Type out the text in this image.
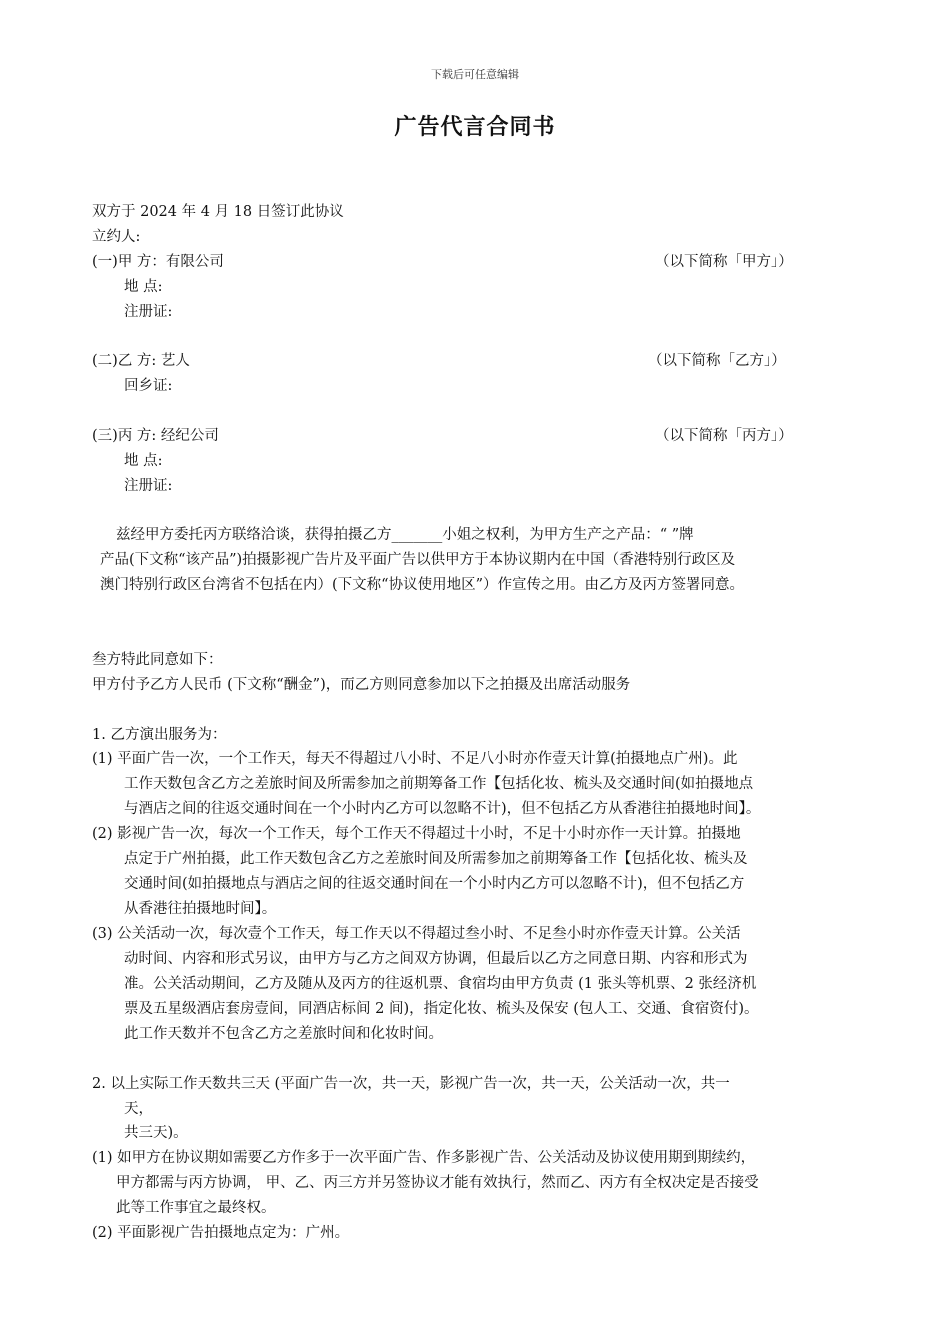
下载后可任意编辑
广告代言合同书
双方于 2024 年 4 月 18 日签订此协议
立约人:
(一)甲 方：有限公司	（以下简称「甲方」）
地 点:
注册证:
(二)乙 方: 艺人	（以下简称「乙方」）
回乡证:
(三)丙 方: 经纪公司	（以下简称「丙方」）
地 点:
注册证:
兹经甲方委托丙方联络洽谈，获得拍摄乙方_______小姐之权利，为甲方生产之产品：“ ”牌
产品(下文称“该产品”)拍摄影视广告片及平面广告以供甲方于本协议期内在中国（香港特别行政区及
澳门特别行政区台湾省不包括在内）(下文称“协议使用地区”）作宣传之用。由乙方及丙方签署同意。
叁方特此同意如下：
甲方付予乙方人民币 (下文称“酬金”)，而乙方则同意参加以下之拍摄及出席活动服务
1. 乙方演出服务为：
(1) 平面广告一次，一个工作天，每天不得超过八小时、不足八小时亦作壹天计算(拍摄地点广州)。此
工作天数包含乙方之差旅时间及所需参加之前期筹备工作【包括化妆、梳头及交通时间(如拍摄地点
与酒店之间的往返交通时间在一个小时内乙方可以忽略不计)，但不包括乙方从香港往拍摄地时间】。
(2) 影视广告一次，每次一个工作天，每个工作天不得超过十小时，不足十小时亦作一天计算。拍摄地
点定于广州拍摄，此工作天数包含乙方之差旅时间及所需参加之前期筹备工作【包括化妆、梳头及
交通时间(如拍摄地点与酒店之间的往返交通时间在一个小时内乙方可以忽略不计)，但不包括乙方
从香港往拍摄地时间】。
(3) 公关活动一次，每次壹个工作天，每工作天以不得超过叁小时、不足叁小时亦作壹天计算。公关活
动时间、内容和形式另议，由甲方与乙方之间双方协调，但最后以乙方之同意日期、内容和形式为
准。公关活动期间，乙方及随从及丙方的往返机票、食宿均由甲方负责 (1 张头等机票、2 张经济机
票及五星级酒店套房壹间，同酒店标间 2 间)，指定化妆、梳头及保安 (包人工、交通、食宿资付)。
此工作天数并不包含乙方之差旅时间和化妆时间。
2. 以上实际工作天数共三天 (平面广告一次，共一天，影视广告一次，共一天，公关活动一次，共一
天，
共三天)。
(1) 如甲方在协议期如需要乙方作多于一次平面广告、作多影视广告、公关活动及协议使用期到期续约，
甲方都需与丙方协调， 甲、乙、丙三方并另签协议才能有效执行，然而乙、丙方有全权决定是否接受
此等工作事宜之最终权。
(2) 平面影视广告拍摄地点定为：广州。
